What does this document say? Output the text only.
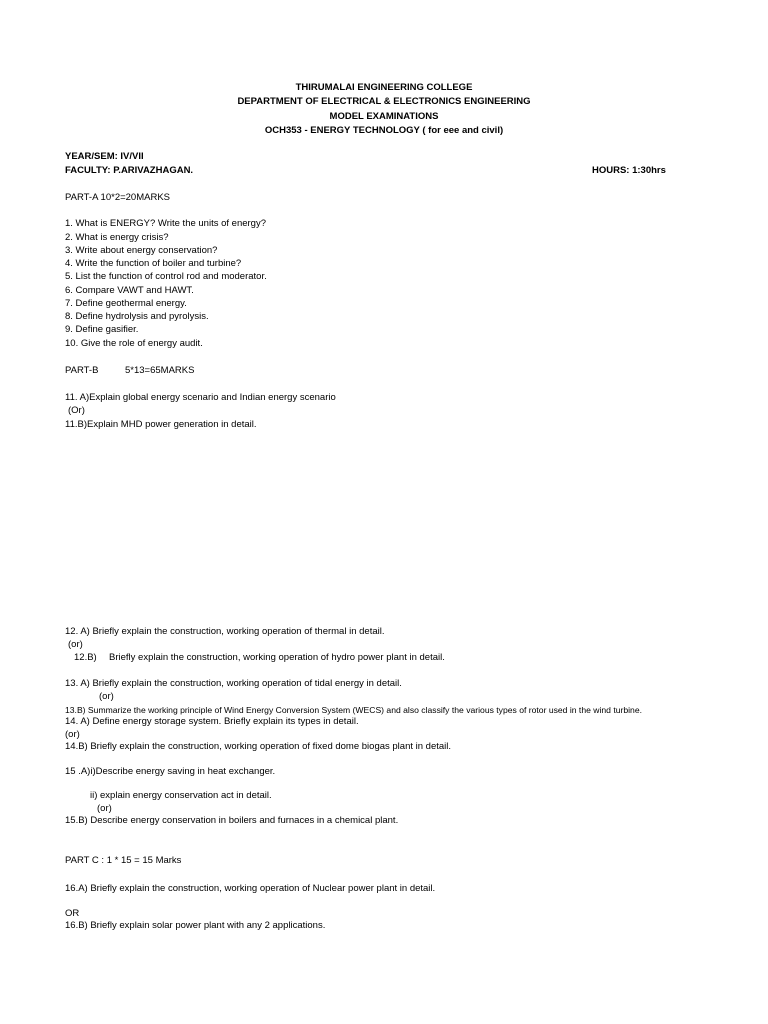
THIRUMALAI ENGINEERING COLLEGE
DEPARTMENT OF ELECTRICAL & ELECTRONICS ENGINEERING
MODEL EXAMINATIONS
OCH353 - ENERGY TECHNOLOGY ( for eee and civil)
YEAR/SEM: IV/VII
FACULTY: P.ARIVAZHAGAN.	HOURS: 1:30hrs
PART-A 10*2=20MARKS
1. What is ENERGY? Write the units of energy?
2. What is energy crisis?
3. Write about energy conservation?
4. Write the function of boiler and turbine?
5. List the function of control rod and moderator.
6. Compare VAWT and HAWT.
7. Define geothermal energy.
8. Define hydrolysis and pyrolysis.
9. Define gasifier.
10. Give the role of energy audit.
PART-B	5*13=65MARKS
11. A)Explain global energy scenario and Indian energy scenario
(Or)
11.B)Explain MHD power generation in detail.
12. A) Briefly explain the construction, working operation of thermal in detail.
(or)
12.B) Briefly explain the construction, working operation of hydro power plant in detail.
13. A) Briefly explain the construction, working operation of tidal energy in detail.
(or)
13.B) Summarize the working principle of Wind Energy Conversion System (WECS) and also classify the various types of rotor used in the wind turbine.
14. A) Define energy storage system. Briefly explain its types in detail.
(or)
14.B) Briefly explain the construction, working operation of fixed dome biogas plant in detail.
15 .A)i)Describe energy saving in heat exchanger.
ii) explain energy conservation act in detail.
(or)
15.B) Describe energy conservation in boilers and furnaces in a chemical plant.
PART C : 1 * 15 = 15 Marks
16.A) Briefly explain the construction, working operation of Nuclear power plant in detail.
OR
16.B) Briefly explain solar power plant with any 2 applications.
